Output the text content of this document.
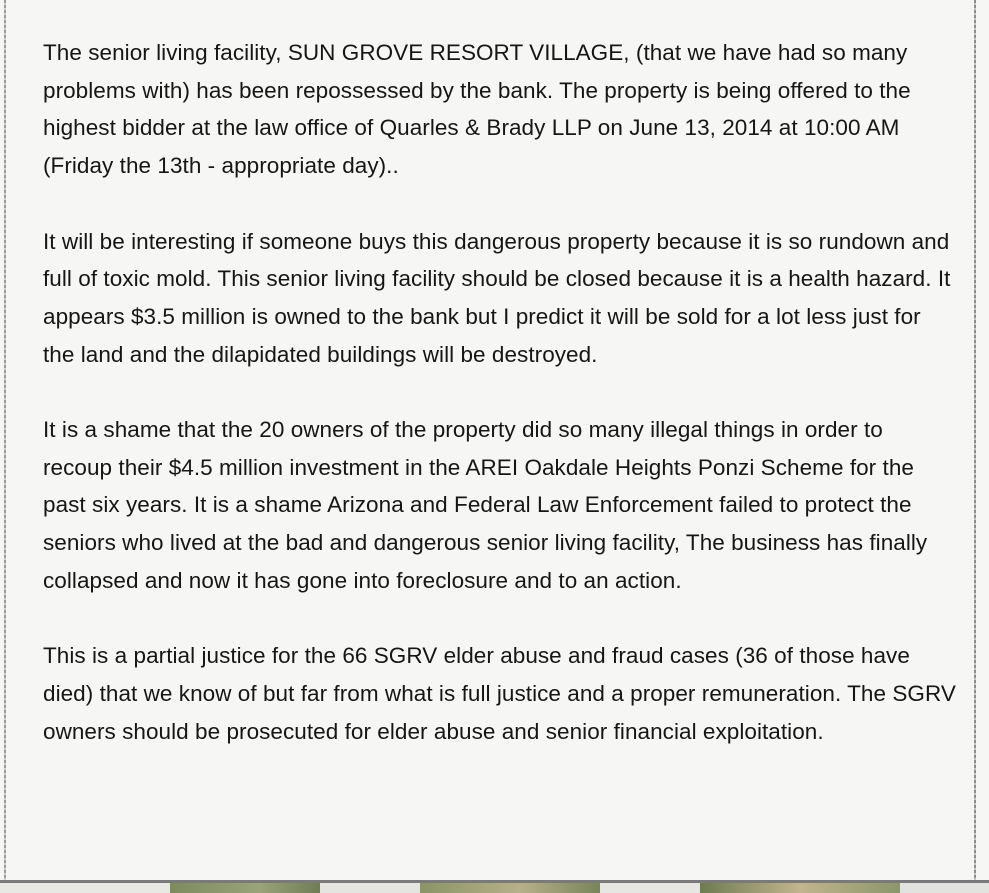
The senior living facility, SUN GROVE RESORT VILLAGE, (that we have had so many problems with) has been repossessed by the bank. The property is being offered to the highest bidder at the law office of Quarles & Brady LLP on June 13, 2014 at 10:00 AM (Friday the 13th - appropriate day)..

It will be interesting if someone buys this dangerous property because it is so rundown and full of toxic mold. This senior living facility should be closed because it is a health hazard. It appears $3.5 million is owned to the bank but I predict it will be sold for a lot less just for the land and the dilapidated buildings will be destroyed.

It is a shame that the 20 owners of the property did so many illegal things in order to recoup their $4.5 million investment in the AREI Oakdale Heights Ponzi Scheme for the past six years. It is a shame Arizona and Federal Law Enforcement failed to protect the seniors who lived at the bad and dangerous senior living facility, The business has finally collapsed and now it has gone into foreclosure and to an action.

This is a partial justice for the 66 SGRV elder abuse and fraud cases (36 of those have died) that we know of but far from what is full justice and a proper remuneration. The SGRV owners should be prosecuted for elder abuse and senior financial exploitation.
